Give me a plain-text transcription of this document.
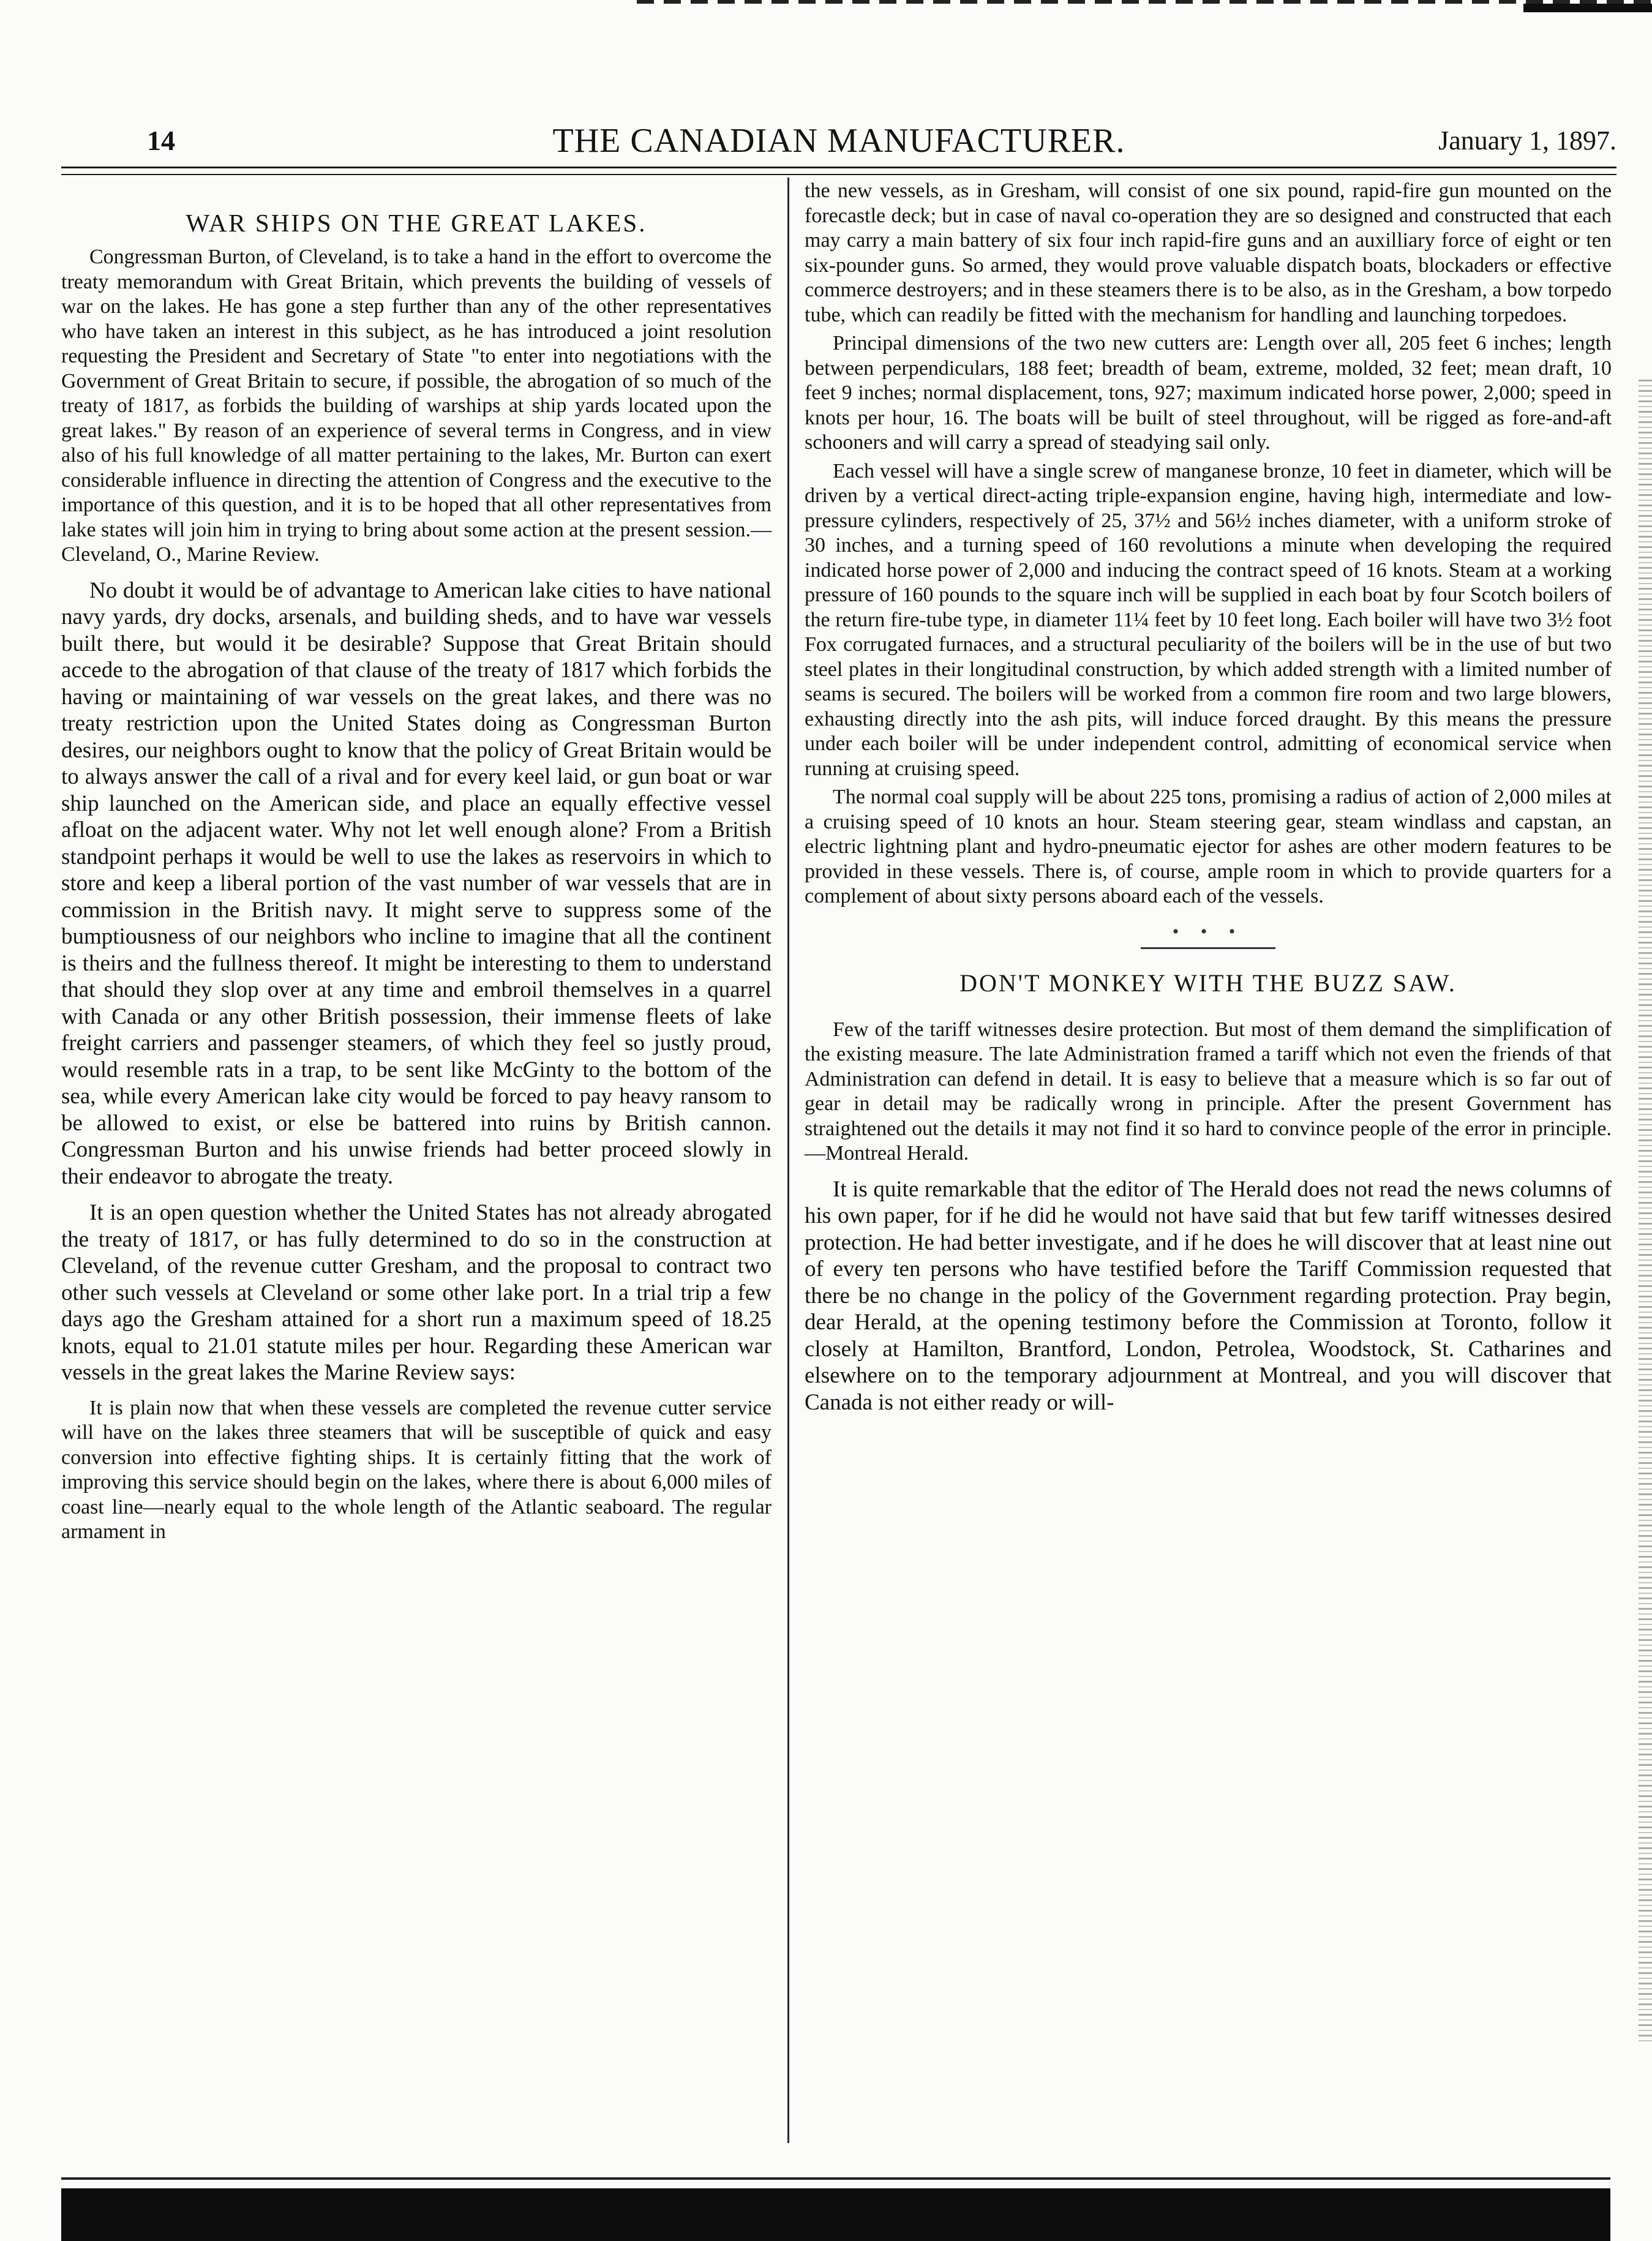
14	THE CANADIAN MANUFACTURER.	January 1, 1897.
WAR SHIPS ON THE GREAT LAKES.

Congressman Burton, of Cleveland, is to take a hand in the effort to overcome the treaty memorandum with Great Britain, which prevents the building of vessels of war on the lakes. He has gone a step further than any of the other representatives who have taken an interest in this subject, as he has introduced a joint resolution requesting the President and Secretary of State "to enter into negotiations with the Government of Great Britain to secure, if possible, the abrogation of so much of the treaty of 1817, as forbids the building of warships at ship yards located upon the great lakes." By reason of an experience of several terms in Congress, and in view also of his full knowledge of all matter pertaining to the lakes, Mr. Burton can exert considerable influence in directing the attention of Congress and the executive to the importance of this question, and it is to be hoped that all other representatives from lake states will join him in trying to bring about some action at the present session.—Cleveland, O., Marine Review.

No doubt it would be of advantage to American lake cities to have national navy yards, dry docks, arsenals, and building sheds, and to have war vessels built there, but would it be desirable? Suppose that Great Britain should accede to the abrogation of that clause of the treaty of 1817 which forbids the having or maintaining of war vessels on the great lakes, and there was no treaty restriction upon the United States doing as Congressman Burton desires, our neighbors ought to know that the policy of Great Britain would be to always answer the call of a rival and for every keel laid, or gun boat or war ship launched on the American side, and place an equally effective vessel afloat on the adjacent water. Why not let well enough alone? From a British standpoint perhaps it would be well to use the lakes as reservoirs in which to store and keep a liberal portion of the vast number of war vessels that are in commission in the British navy. It might serve to suppress some of the bumptiousness of our neighbors who incline to imagine that all the continent is theirs and the fullness thereof. It might be interesting to them to understand that should they slop over at any time and embroil themselves in a quarrel with Canada or any other British possession, their immense fleets of lake freight carriers and passenger steamers, of which they feel so justly proud, would resemble rats in a trap, to be sent like McGinty to the bottom of the sea, while every American lake city would be forced to pay heavy ransom to be allowed to exist, or else be battered into ruins by British cannon. Congressman Burton and his unwise friends had better proceed slowly in their endeavor to abrogate the treaty.

It is an open question whether the United States has not already abrogated the treaty of 1817, or has fully determined to do so in the construction at Cleveland, of the revenue cutter Gresham, and the proposal to contract two other such vessels at Cleveland or some other lake port. In a trial trip a few days ago the Gresham attained for a short run a maximum speed of 18.25 knots, equal to 21.01 statute miles per hour. Regarding these American war vessels in the great lakes the Marine Review says:

It is plain now that when these vessels are completed the revenue cutter service will have on the lakes three steamers that will be susceptible of quick and easy conversion into effective fighting ships. It is certainly fitting that the work of improving this service should begin on the lakes, where there is about 6,000 miles of coast line—nearly equal to the whole length of the Atlantic seaboard. The regular armament in

the new vessels, as in Gresham, will consist of one six pound, rapid-fire gun mounted on the forecastle deck; but in case of naval co-operation they are so designed and constructed that each may carry a main battery of six four inch rapid-fire guns and an auxilliary force of eight or ten six-pounder guns. So armed, they would prove valuable dispatch boats, blockaders or effective commerce destroyers; and in these steamers there is to be also, as in the Gresham, a bow torpedo tube, which can readily be fitted with the mechanism for handling and launching torpedoes.

Principal dimensions of the two new cutters are: Length over all, 205 feet 6 inches; length between perpendiculars, 188 feet; breadth of beam, extreme, molded, 32 feet; mean draft, 10 feet 9 inches; normal displacement, tons, 927; maximum indicated horse power, 2,000; speed in knots per hour, 16. The boats will be built of steel throughout, will be rigged as fore-and-aft schooners and will carry a spread of steadying sail only.

Each vessel will have a single screw of manganese bronze, 10 feet in diameter, which will be driven by a vertical direct-acting triple-expansion engine, having high, intermediate and low-pressure cylinders, respectively of 25, 37½ and 56½ inches diameter, with a uniform stroke of 30 inches, and a turning speed of 160 revolutions a minute when developing the required indicated horse power of 2,000 and inducing the contract speed of 16 knots. Steam at a working pressure of 160 pounds to the square inch will be supplied in each boat by four Scotch boilers of the return fire-tube type, in diameter 11¼ feet by 10 feet long. Each boiler will have two 3½ foot Fox corrugated furnaces, and a structural peculiarity of the boilers will be in the use of but two steel plates in their longitudinal construction, by which added strength with a limited number of seams is secured. The boilers will be worked from a common fire room and two large blowers, exhausting directly into the ash pits, will induce forced draught. By this means the pressure under each boiler will be under independent control, admitting of economical service when running at cruising speed.

The normal coal supply will be about 225 tons, promising a radius of action of 2,000 miles at a cruising speed of 10 knots an hour. Steam steering gear, steam windlass and capstan, an electric lightning plant and hydro-pneumatic ejector for ashes are other modern features to be provided in these vessels. There is, of course, ample room in which to provide quarters for a complement of about sixty persons aboard each of the vessels.

• • •
DON'T MONKEY WITH THE BUZZ SAW.

Few of the tariff witnesses desire protection. But most of them demand the simplification of the existing measure. The late Administration framed a tariff which not even the friends of that Administration can defend in detail. It is easy to believe that a measure which is so far out of gear in detail may be radically wrong in principle. After the present Government has straightened out the details it may not find it so hard to convince people of the error in principle.—Montreal Herald.

It is quite remarkable that the editor of The Herald does not read the news columns of his own paper, for if he did he would not have said that but few tariff witnesses desired protection. He had better investigate, and if he does he will discover that at least nine out of every ten persons who have testified before the Tariff Commission requested that there be no change in the policy of the Government regarding protection. Pray begin, dear Herald, at the opening testimony before the Commission at Toronto, follow it closely at Hamilton, Brantford, London, Petrolea, Woodstock, St. Catharines and elsewhere on to the temporary adjournment at Montreal, and you will discover that Canada is not either ready or will-
